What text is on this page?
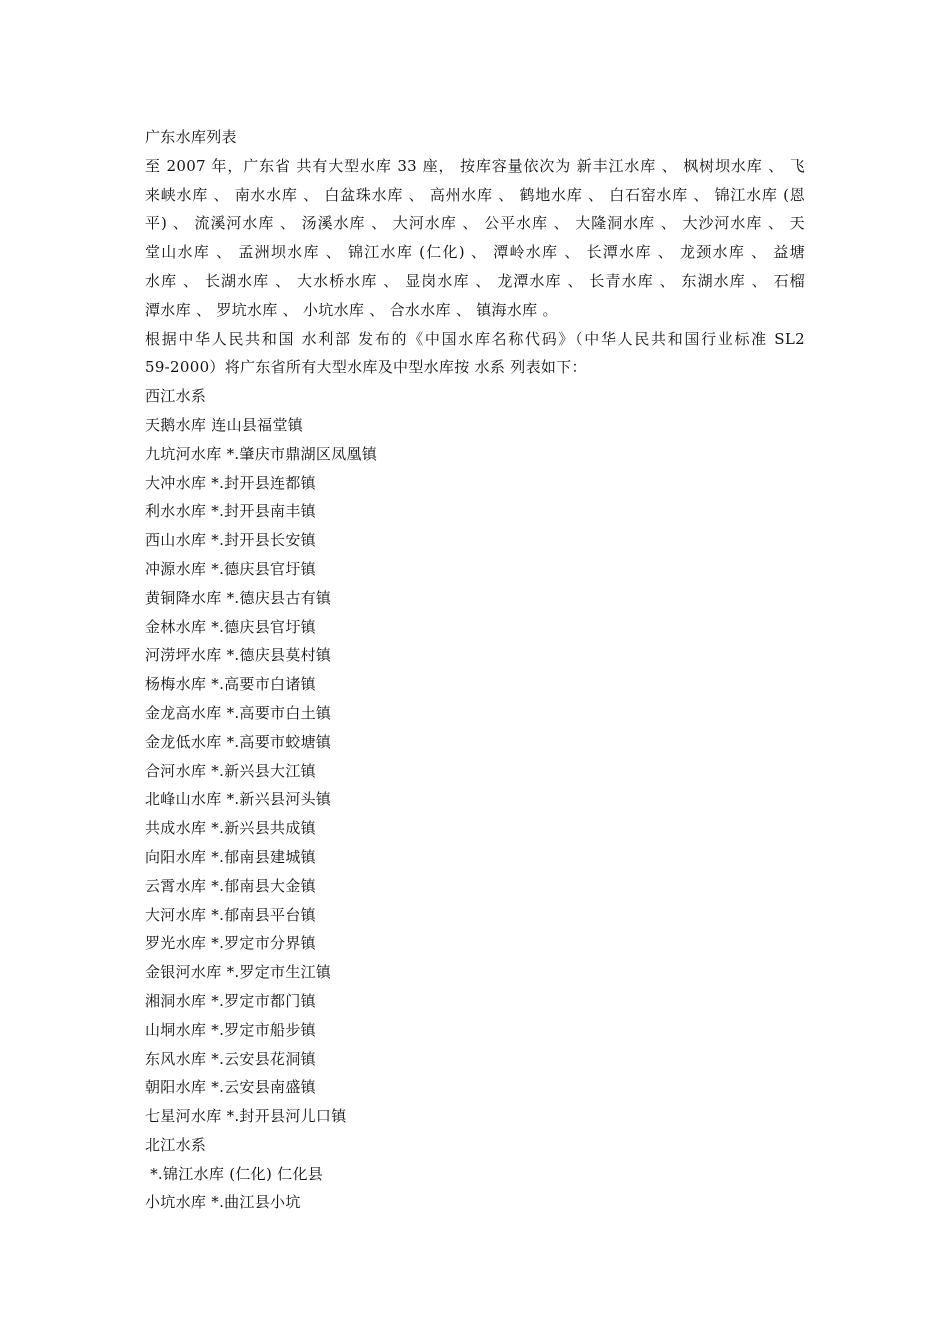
广东水库列表
至 2007 年，广东省 共有大型水库 33 座， 按库容量依次为 新丰江水库 、 枫树坝水库 、 飞
来峡水库 、 南水水库 、 白盆珠水库 、 高州水库 、 鹤地水库 、 白石窑水库 、 锦江水库 (恩
平) 、 流溪河水库 、 汤溪水库 、 大河水库 、 公平水库 、 大隆洞水库 、 大沙河水库 、 天
堂山水库 、 孟洲坝水库 、 锦江水库 (仁化) 、 潭岭水库 、 长潭水库 、 龙颈水库 、 益塘
水库 、 长湖水库 、 大水桥水库 、 显岗水库 、 龙潭水库 、 长青水库 、 东湖水库 、 石榴
潭水库 、 罗坑水库 、 小坑水库 、 合水水库 、 镇海水库 。
根据中华人民共和国 水利部 发布的《中国水库名称代码》（中华人民共和国行业标准 SL2
59-2000）将广东省所有大型水库及中型水库按 水系 列表如下：
西江水系
天鹅水库 连山县福堂镇
九坑河水库 *.肇庆市鼎湖区凤凰镇
大冲水库 *.封开县连都镇
利水水库 *.封开县南丰镇
西山水库 *.封开县长安镇
冲源水库 *.德庆县官圩镇
黄铜降水库 *.德庆县古有镇
金林水库 *.德庆县官圩镇
河涝坪水库 *.德庆县莫村镇
杨梅水库 *.高要市白诸镇
金龙高水库 *.高要市白土镇
金龙低水库 *.高要市蛟塘镇
合河水库 *.新兴县大江镇
北峰山水库 *.新兴县河头镇
共成水库 *.新兴县共成镇
向阳水库 *.郁南县建城镇
云霄水库 *.郁南县大金镇
大河水库 *.郁南县平台镇
罗光水库 *.罗定市分界镇
金银河水库 *.罗定市生江镇
湘洞水库 *.罗定市都门镇
山垌水库 *.罗定市船步镇
东风水库 *.云安县花洞镇
朝阳水库 *.云安县南盛镇
七星河水库 *.封开县河儿口镇
北江水系
*.锦江水库 (仁化) 仁化县
小坑水库 *.曲江县小坑
